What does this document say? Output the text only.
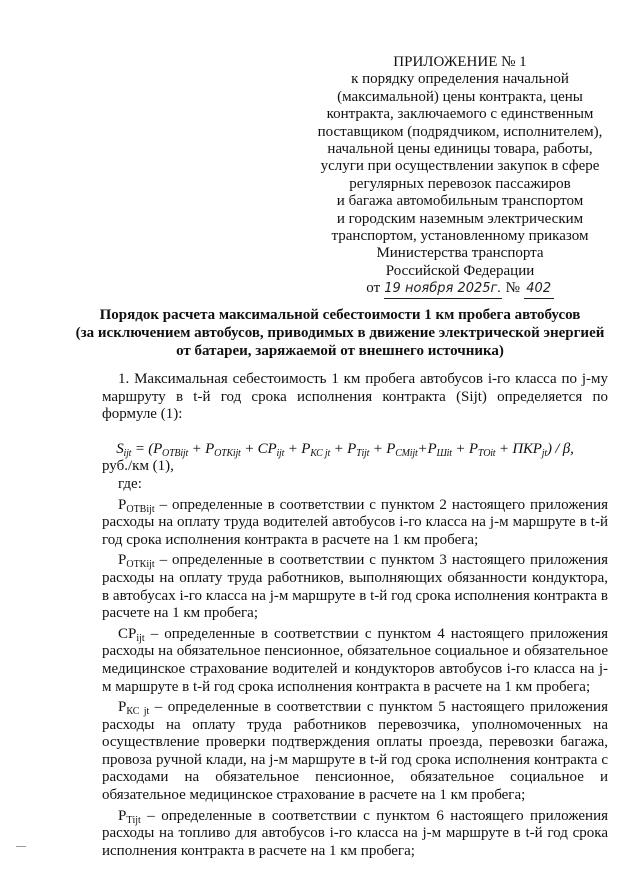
ПРИЛОЖЕНИЕ № 1
к порядку определения начальной
(максимальной) цены контракта, цены
контракта, заключаемого с единственным
поставщиком (подрядчиком, исполнителем),
начальной цены единицы товара, работы,
услуги при осуществлении закупок в сфере
регулярных перевозок пассажиров
и багажа автомобильным транспортом
и городским наземным электрическим
транспортом, установленному приказом
Министерства транспорта
Российской Федерации
от 19 ноября 2025г. № 402
Порядок расчета максимальной себестоимости 1 км пробега автобусов
(за исключением автобусов, приводимых в движение электрической энергией
от батареи, заряжаемой от внешнего источника)

1. Максимальная себестоимость 1 км пробега автобусов i-го класса по j-му маршруту в t-й год срока исполнения контракта (Sijt) определяется по формуле (1):

$S_{ijt} = (P_{ОТВijt} + P_{ОТКijt} + СР_{ijt} + P_{КС jt} + P_{Тijt} + P_{СМijt}+P_{Шit} + P_{ТОit} + ПКР_{jt}) / \beta$,

руб./км (1),

где:

$P_{ОТВijt}$ – определенные в соответствии с пунктом 2 настоящего приложения расходы на оплату труда водителей автобусов i-го класса на j-м маршруте в t-й год срока исполнения контракта в расчете на 1 км пробега;

$P_{ОТКijt}$ – определенные в соответствии с пунктом 3 настоящего приложения расходы на оплату труда работников, выполняющих обязанности кондуктора, в автобусах i-го класса на j-м маршруте в t-й год срока исполнения контракта в расчете на 1 км пробега;

$СР_{ijt}$ – определенные в соответствии с пунктом 4 настоящего приложения расходы на обязательное пенсионное, обязательное социальное и обязательное медицинское страхование водителей и кондукторов автобусов i-го класса на j-м маршруте в t-й год срока исполнения контракта в расчете на 1 км пробега;

$P_{КС jt}$ – определенные в соответствии с пунктом 5 настоящего приложения расходы на оплату труда работников перевозчика, уполномоченных на осуществление проверки подтверждения оплаты проезда, перевозки багажа, провоза ручной клади, на j-м маршруте в t-й год срока исполнения контракта с расходами на обязательное пенсионное, обязательное социальное и обязательное медицинское страхование в расчете на 1 км пробега;

$P_{Тijt}$ – определенные в соответствии с пунктом 6 настоящего приложения расходы на топливо для автобусов i-го класса на j-м маршруте в t-й год срока исполнения контракта в расчете на 1 км пробега;
